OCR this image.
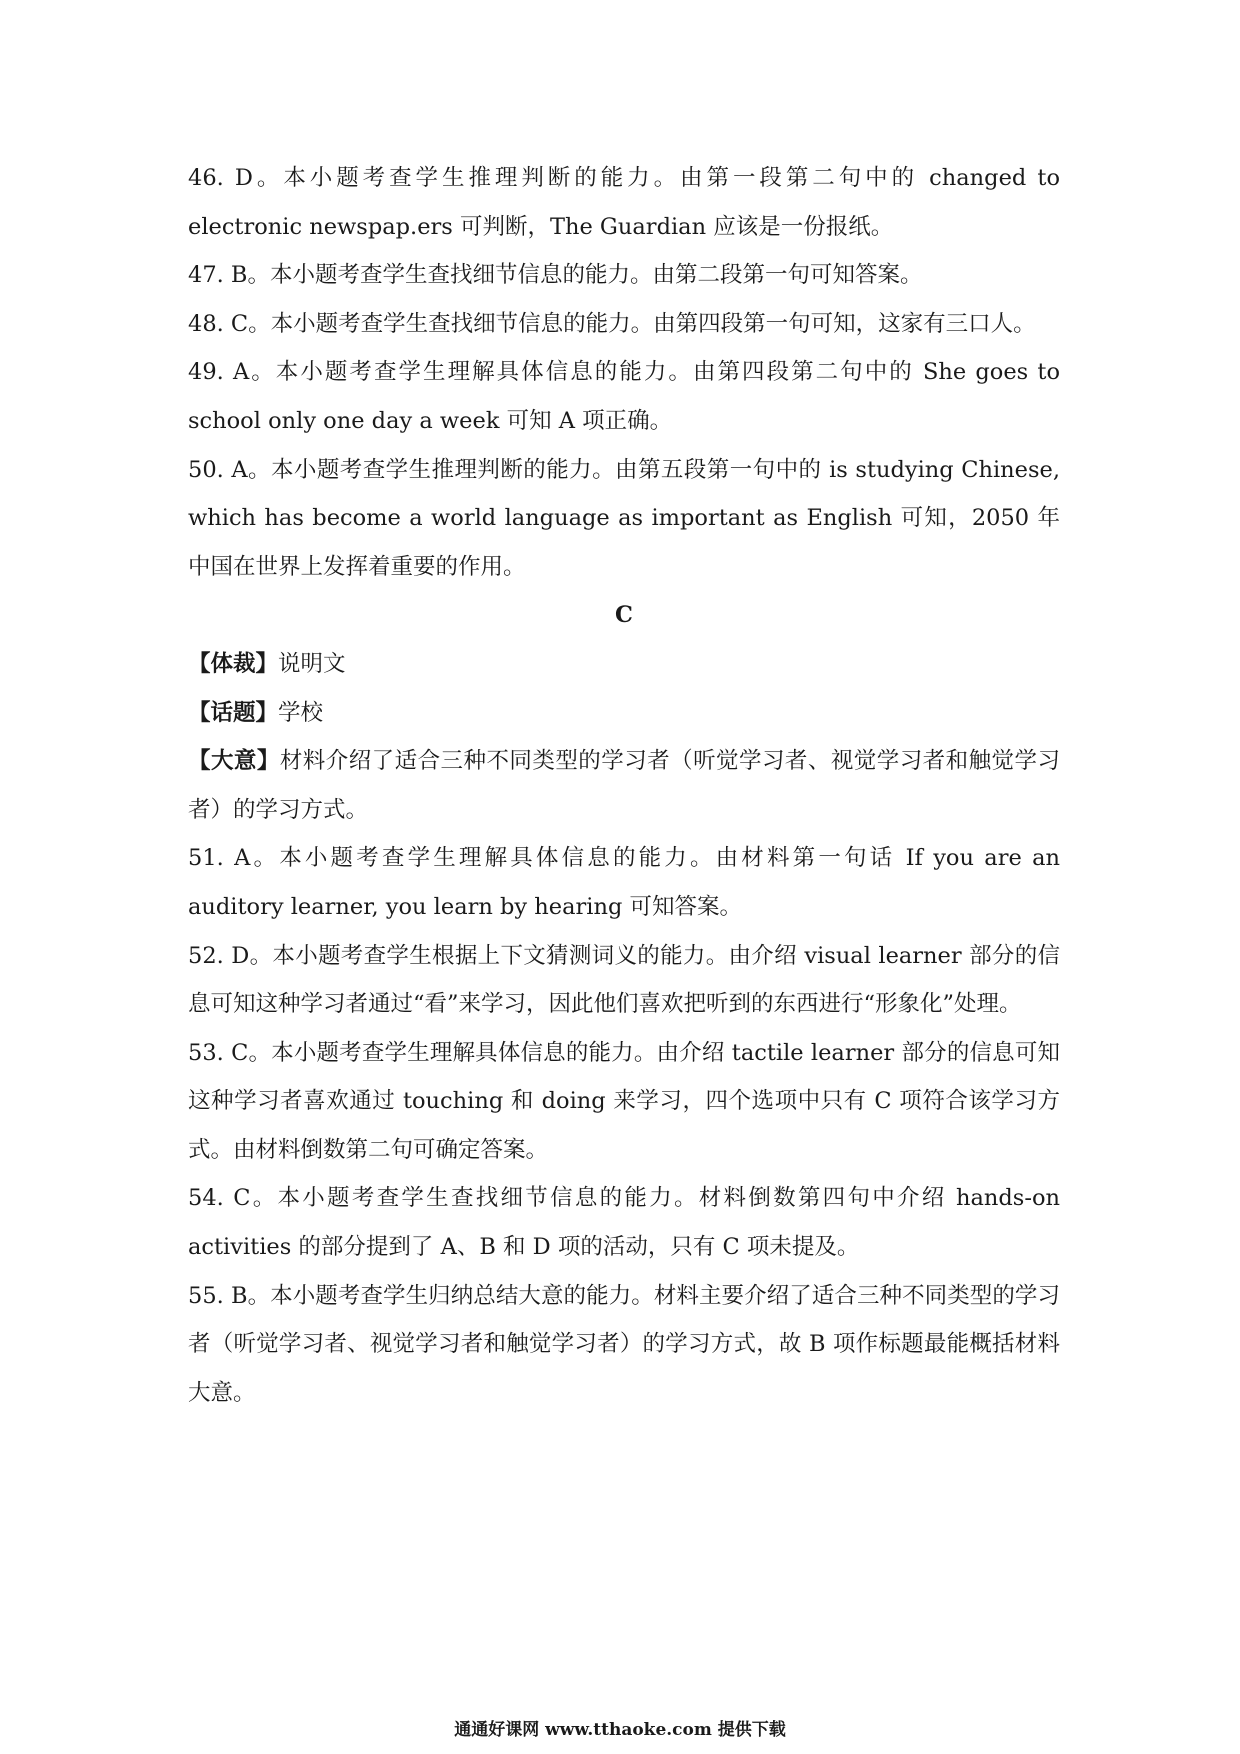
46. D。本小题考查学生推理判断的能力。由第一段第二句中的 changed to electronic newspap.ers 可判断，The Guardian 应该是一份报纸。

47. B。本小题考查学生查找细节信息的能力。由第二段第一句可知答案。

48. C。本小题考查学生查找细节信息的能力。由第四段第一句可知，这家有三口人。

49. A。本小题考查学生理解具体信息的能力。由第四段第二句中的 She goes to school only one day a week 可知 A 项正确。

50. A。本小题考查学生推理判断的能力。由第五段第一句中的 is studying Chinese, which has become a world language as important as English 可知，2050 年中国在世界上发挥着重要的作用。

C

【体裁】说明文

【话题】学校

【大意】材料介绍了适合三种不同类型的学习者（听觉学习者、视觉学习者和触觉学习者）的学习方式。

51. A。本小题考查学生理解具体信息的能力。由材料第一句话 If you are an auditory learner, you learn by hearing 可知答案。

52. D。本小题考查学生根据上下文猜测词义的能力。由介绍 visual learner 部分的信息可知这种学习者通过“看”来学习，因此他们喜欢把听到的东西进行“形象化”处理。

53. C。本小题考查学生理解具体信息的能力。由介绍 tactile learner 部分的信息可知这种学习者喜欢通过 touching 和 doing 来学习，四个选项中只有 C 项符合该学习方式。由材料倒数第二句可确定答案。

54. C。本小题考查学生查找细节信息的能力。材料倒数第四句中介绍 hands-on activities 的部分提到了 A、B 和 D 项的活动，只有 C 项未提及。

55. B。本小题考查学生归纳总结大意的能力。材料主要介绍了适合三种不同类型的学习者（听觉学习者、视觉学习者和触觉学习者）的学习方式，故 B 项作标题最能概括材料大意。

通通好课网 www.tthaoke.com 提供下载
